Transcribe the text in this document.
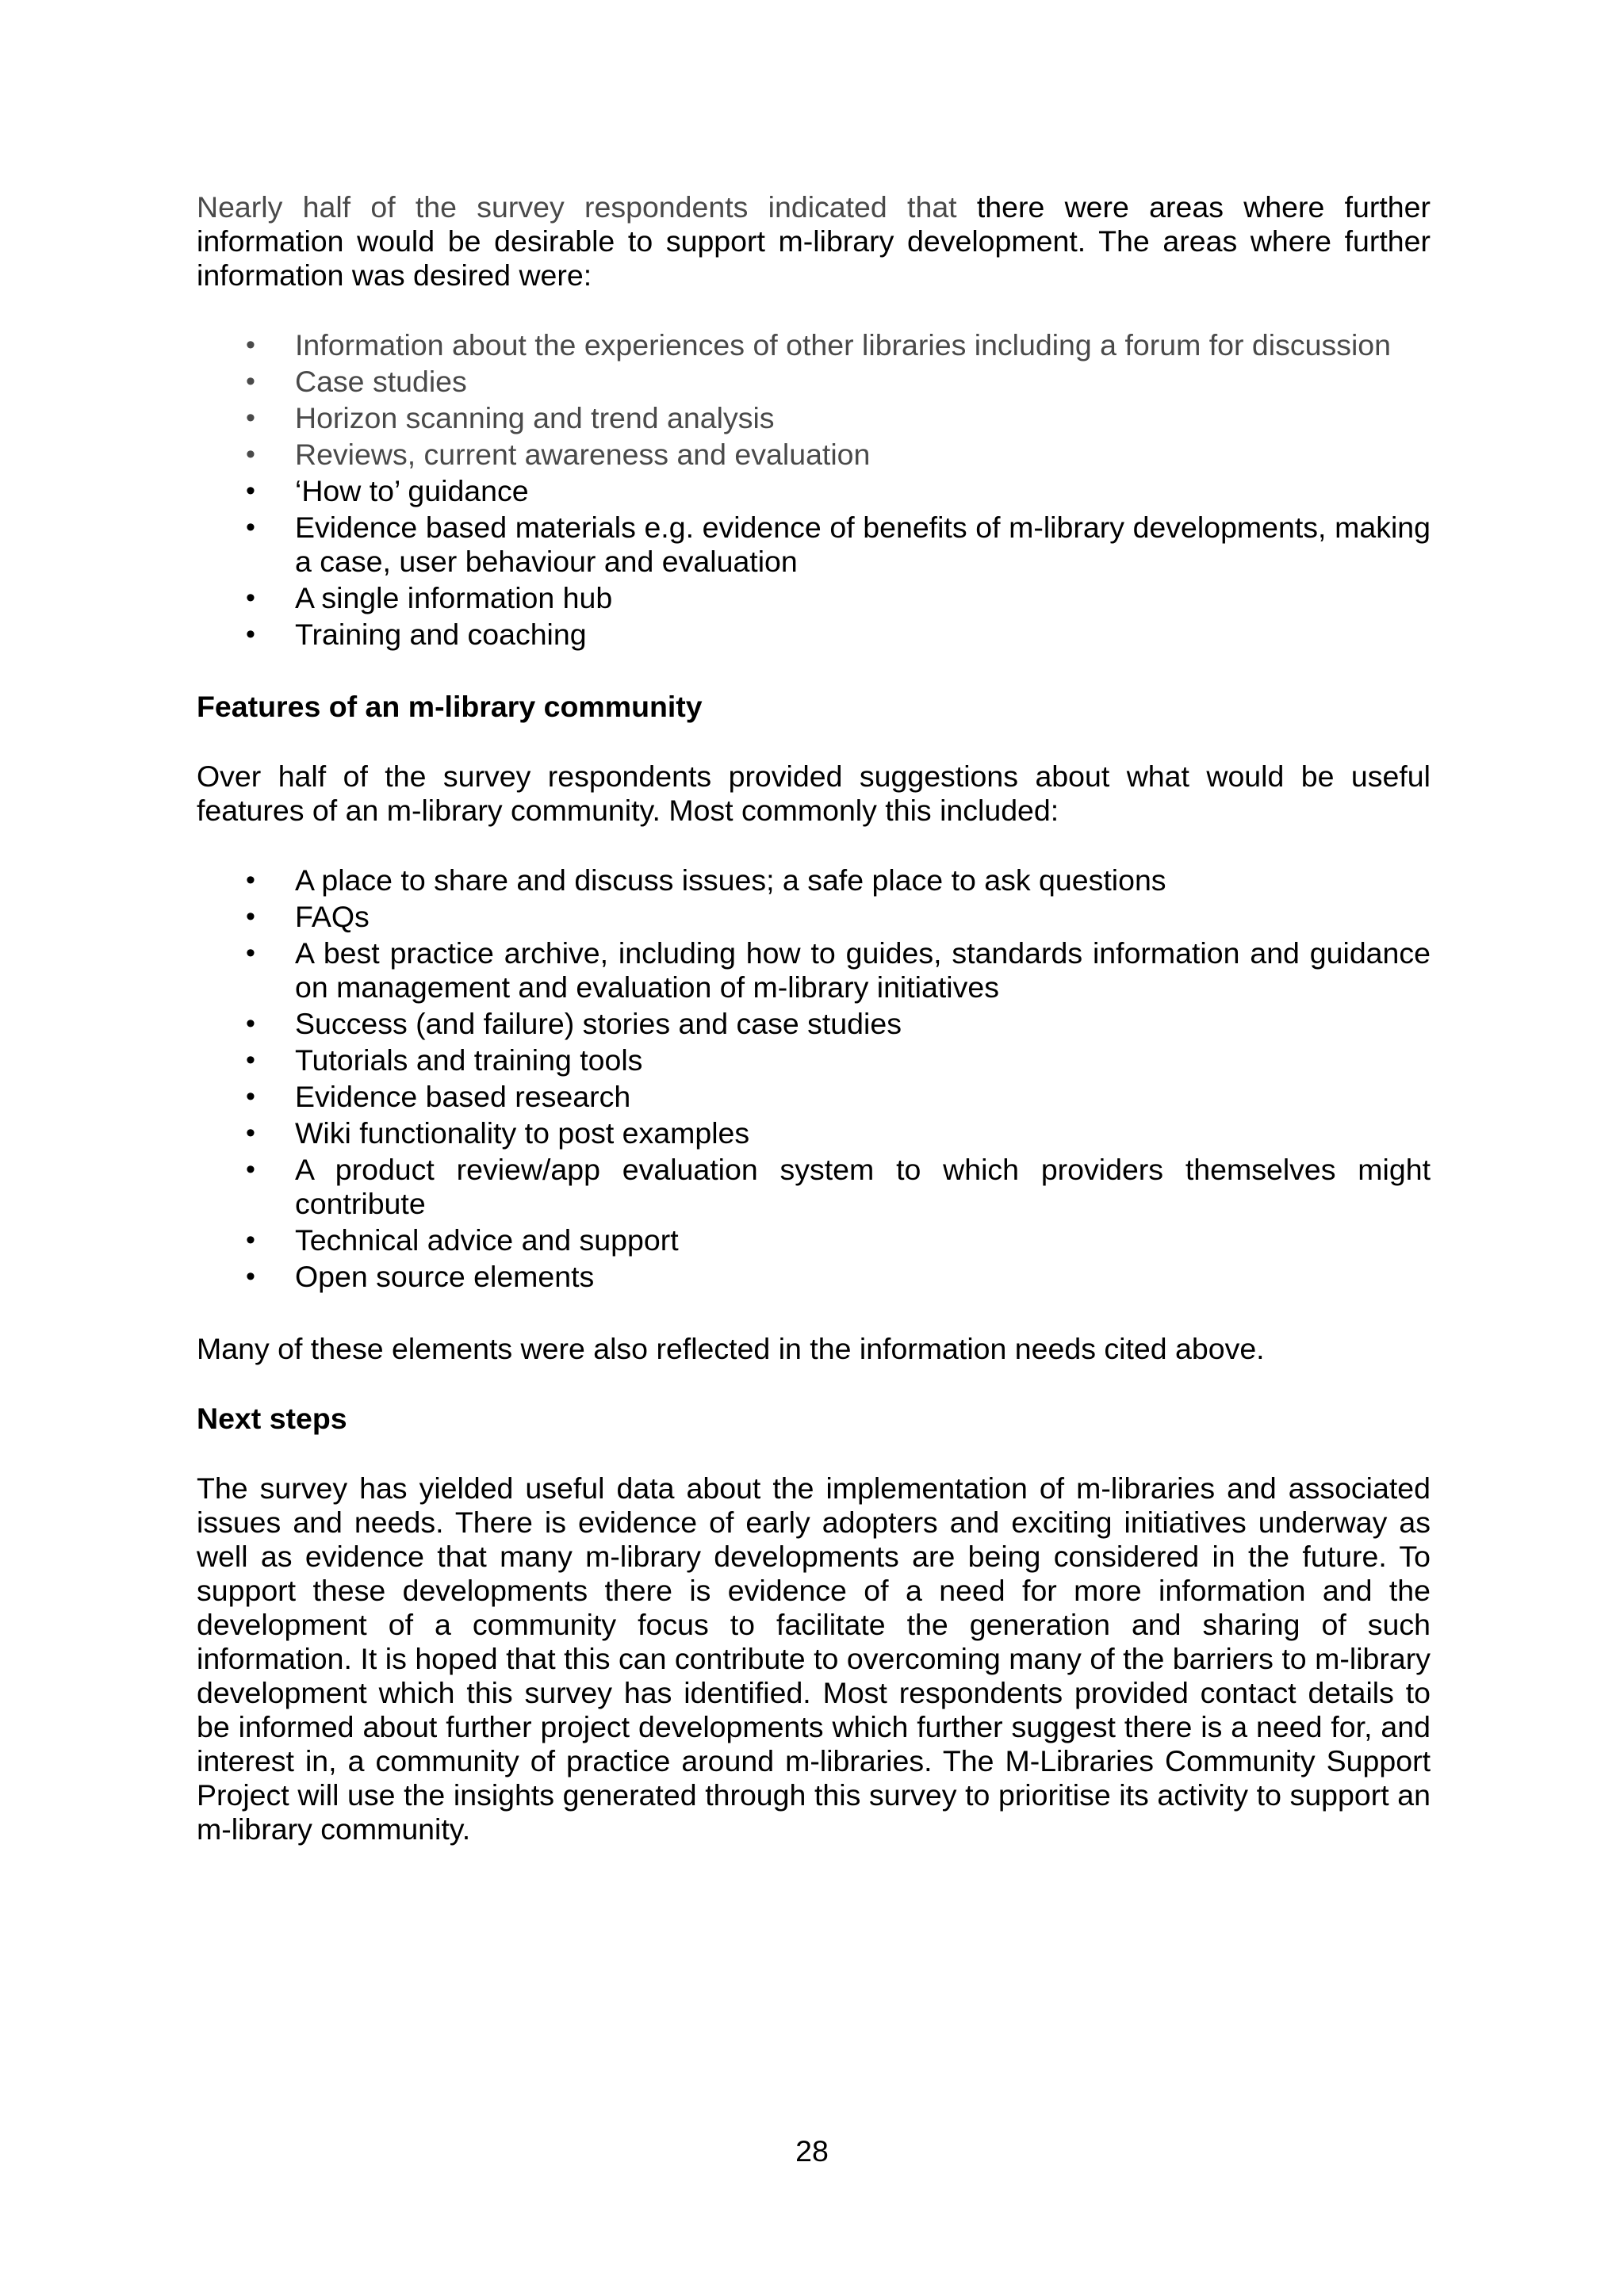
Nearly half of the survey respondents indicated that there were areas where further information would be desirable to support m-library development. The areas where further information was desired were:

• Information about the experiences of other libraries including a forum for discussion
• Case studies
• Horizon scanning and trend analysis
• Reviews, current awareness and evaluation
• ‘How to’ guidance
• Evidence based materials e.g. evidence of benefits of m-library developments, making a case, user behaviour and evaluation
• A single information hub
• Training and coaching

Features of an m-library community

Over half of the survey respondents provided suggestions about what would be useful features of an m-library community. Most commonly this included:

• A place to share and discuss issues; a safe place to ask questions
• FAQs
• A best practice archive, including how to guides, standards information and guidance on management and evaluation of m-library initiatives
• Success (and failure) stories and case studies
• Tutorials and training tools
• Evidence based research
• Wiki functionality to post examples
• A product review/app evaluation system to which providers themselves might contribute
• Technical advice and support
• Open source elements

Many of these elements were also reflected in the information needs cited above.

Next steps

The survey has yielded useful data about the implementation of m-libraries and associated issues and needs. There is evidence of early adopters and exciting initiatives underway as well as evidence that many m-library developments are being considered in the future. To support these developments there is evidence of a need for more information and the development of a community focus to facilitate the generation and sharing of such information. It is hoped that this can contribute to overcoming many of the barriers to m-library development which this survey has identified. Most respondents provided contact details to be informed about further project developments which further suggest there is a need for, and interest in, a community of practice around m-libraries. The M-Libraries Community Support Project will use the insights generated through this survey to prioritise its activity to support an m-library community.

28
